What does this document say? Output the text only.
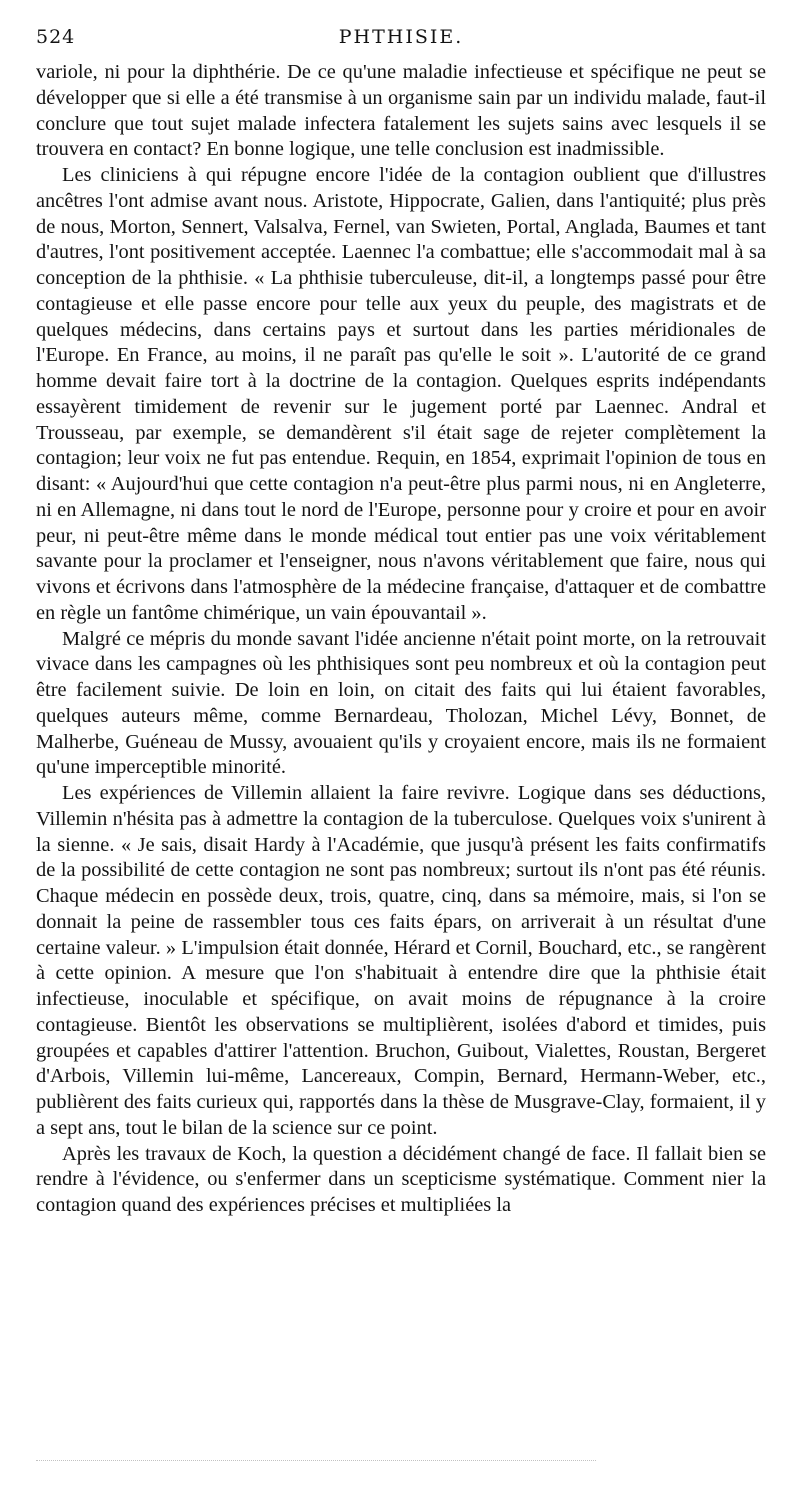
524	PHTHISIE.

variole, ni pour la diphthérie. De ce qu'une maladie infectieuse et spécifique ne peut se développer que si elle a été transmise à un organisme sain par un individu malade, faut-il conclure que tout sujet malade infectera fatalement les sujets sains avec lesquels il se trouvera en contact? En bonne logique, une telle conclusion est inadmissible.

Les cliniciens à qui répugne encore l'idée de la contagion oublient que d'illustres ancêtres l'ont admise avant nous. Aristote, Hippocrate, Galien, dans l'antiquité; plus près de nous, Morton, Sennert, Valsalva, Fernel, van Swieten, Portal, Anglada, Baumes et tant d'autres, l'ont positivement acceptée. Laennec l'a combattue; elle s'accommodait mal à sa conception de la phthisie. « La phthisie tuberculeuse, dit-il, a longtemps passé pour être contagieuse et elle passe encore pour telle aux yeux du peuple, des magistrats et de quelques médecins, dans certains pays et surtout dans les parties méridionales de l'Europe. En France, au moins, il ne paraît pas qu'elle le soit ». L'autorité de ce grand homme devait faire tort à la doctrine de la contagion. Quelques esprits indépendants essayèrent timidement de revenir sur le jugement porté par Laennec. Andral et Trousseau, par exemple, se demandèrent s'il était sage de rejeter complètement la contagion; leur voix ne fut pas entendue. Requin, en 1854, exprimait l'opinion de tous en disant: « Aujourd'hui que cette contagion n'a peut-être plus parmi nous, ni en Angleterre, ni en Allemagne, ni dans tout le nord de l'Europe, personne pour y croire et pour en avoir peur, ni peut-être même dans le monde médical tout entier pas une voix véritablement savante pour la proclamer et l'enseigner, nous n'avons véritablement que faire, nous qui vivons et écrivons dans l'atmosphère de la médecine française, d'attaquer et de combattre en règle un fantôme chimérique, un vain épouvantail ».

Malgré ce mépris du monde savant l'idée ancienne n'était point morte, on la retrouvait vivace dans les campagnes où les phthisiques sont peu nombreux et où la contagion peut être facilement suivie. De loin en loin, on citait des faits qui lui étaient favorables, quelques auteurs même, comme Bernardeau, Tholozan, Michel Lévy, Bonnet, de Malherbe, Guéneau de Mussy, avouaient qu'ils y croyaient encore, mais ils ne formaient qu'une imperceptible minorité.

Les expériences de Villemin allaient la faire revivre. Logique dans ses déductions, Villemin n'hésita pas à admettre la contagion de la tuberculose. Quelques voix s'unirent à la sienne. « Je sais, disait Hardy à l'Académie, que jusqu'à présent les faits confirmatifs de la possibilité de cette contagion ne sont pas nombreux; surtout ils n'ont pas été réunis. Chaque médecin en possède deux, trois, quatre, cinq, dans sa mémoire, mais, si l'on se donnait la peine de rassembler tous ces faits épars, on arriverait à un résultat d'une certaine valeur. » L'impulsion était donnée, Hérard et Cornil, Bouchard, etc., se rangèrent à cette opinion. A mesure que l'on s'habituait à entendre dire que la phthisie était infectieuse, inoculable et spécifique, on avait moins de répugnance à la croire contagieuse. Bientôt les observations se multiplièrent, isolées d'abord et timides, puis groupées et capables d'attirer l'attention. Bruchon, Guibout, Vialettes, Roustan, Bergeret d'Arbois, Villemin lui-même, Lancereaux, Compin, Bernard, Hermann-Weber, etc., publièrent des faits curieux qui, rapportés dans la thèse de Musgrave-Clay, formaient, il y a sept ans, tout le bilan de la science sur ce point.

Après les travaux de Koch, la question a décidément changé de face. Il fallait bien se rendre à l'évidence, ou s'enfermer dans un scepticisme systématique. Comment nier la contagion quand des expériences précises et multipliées la
